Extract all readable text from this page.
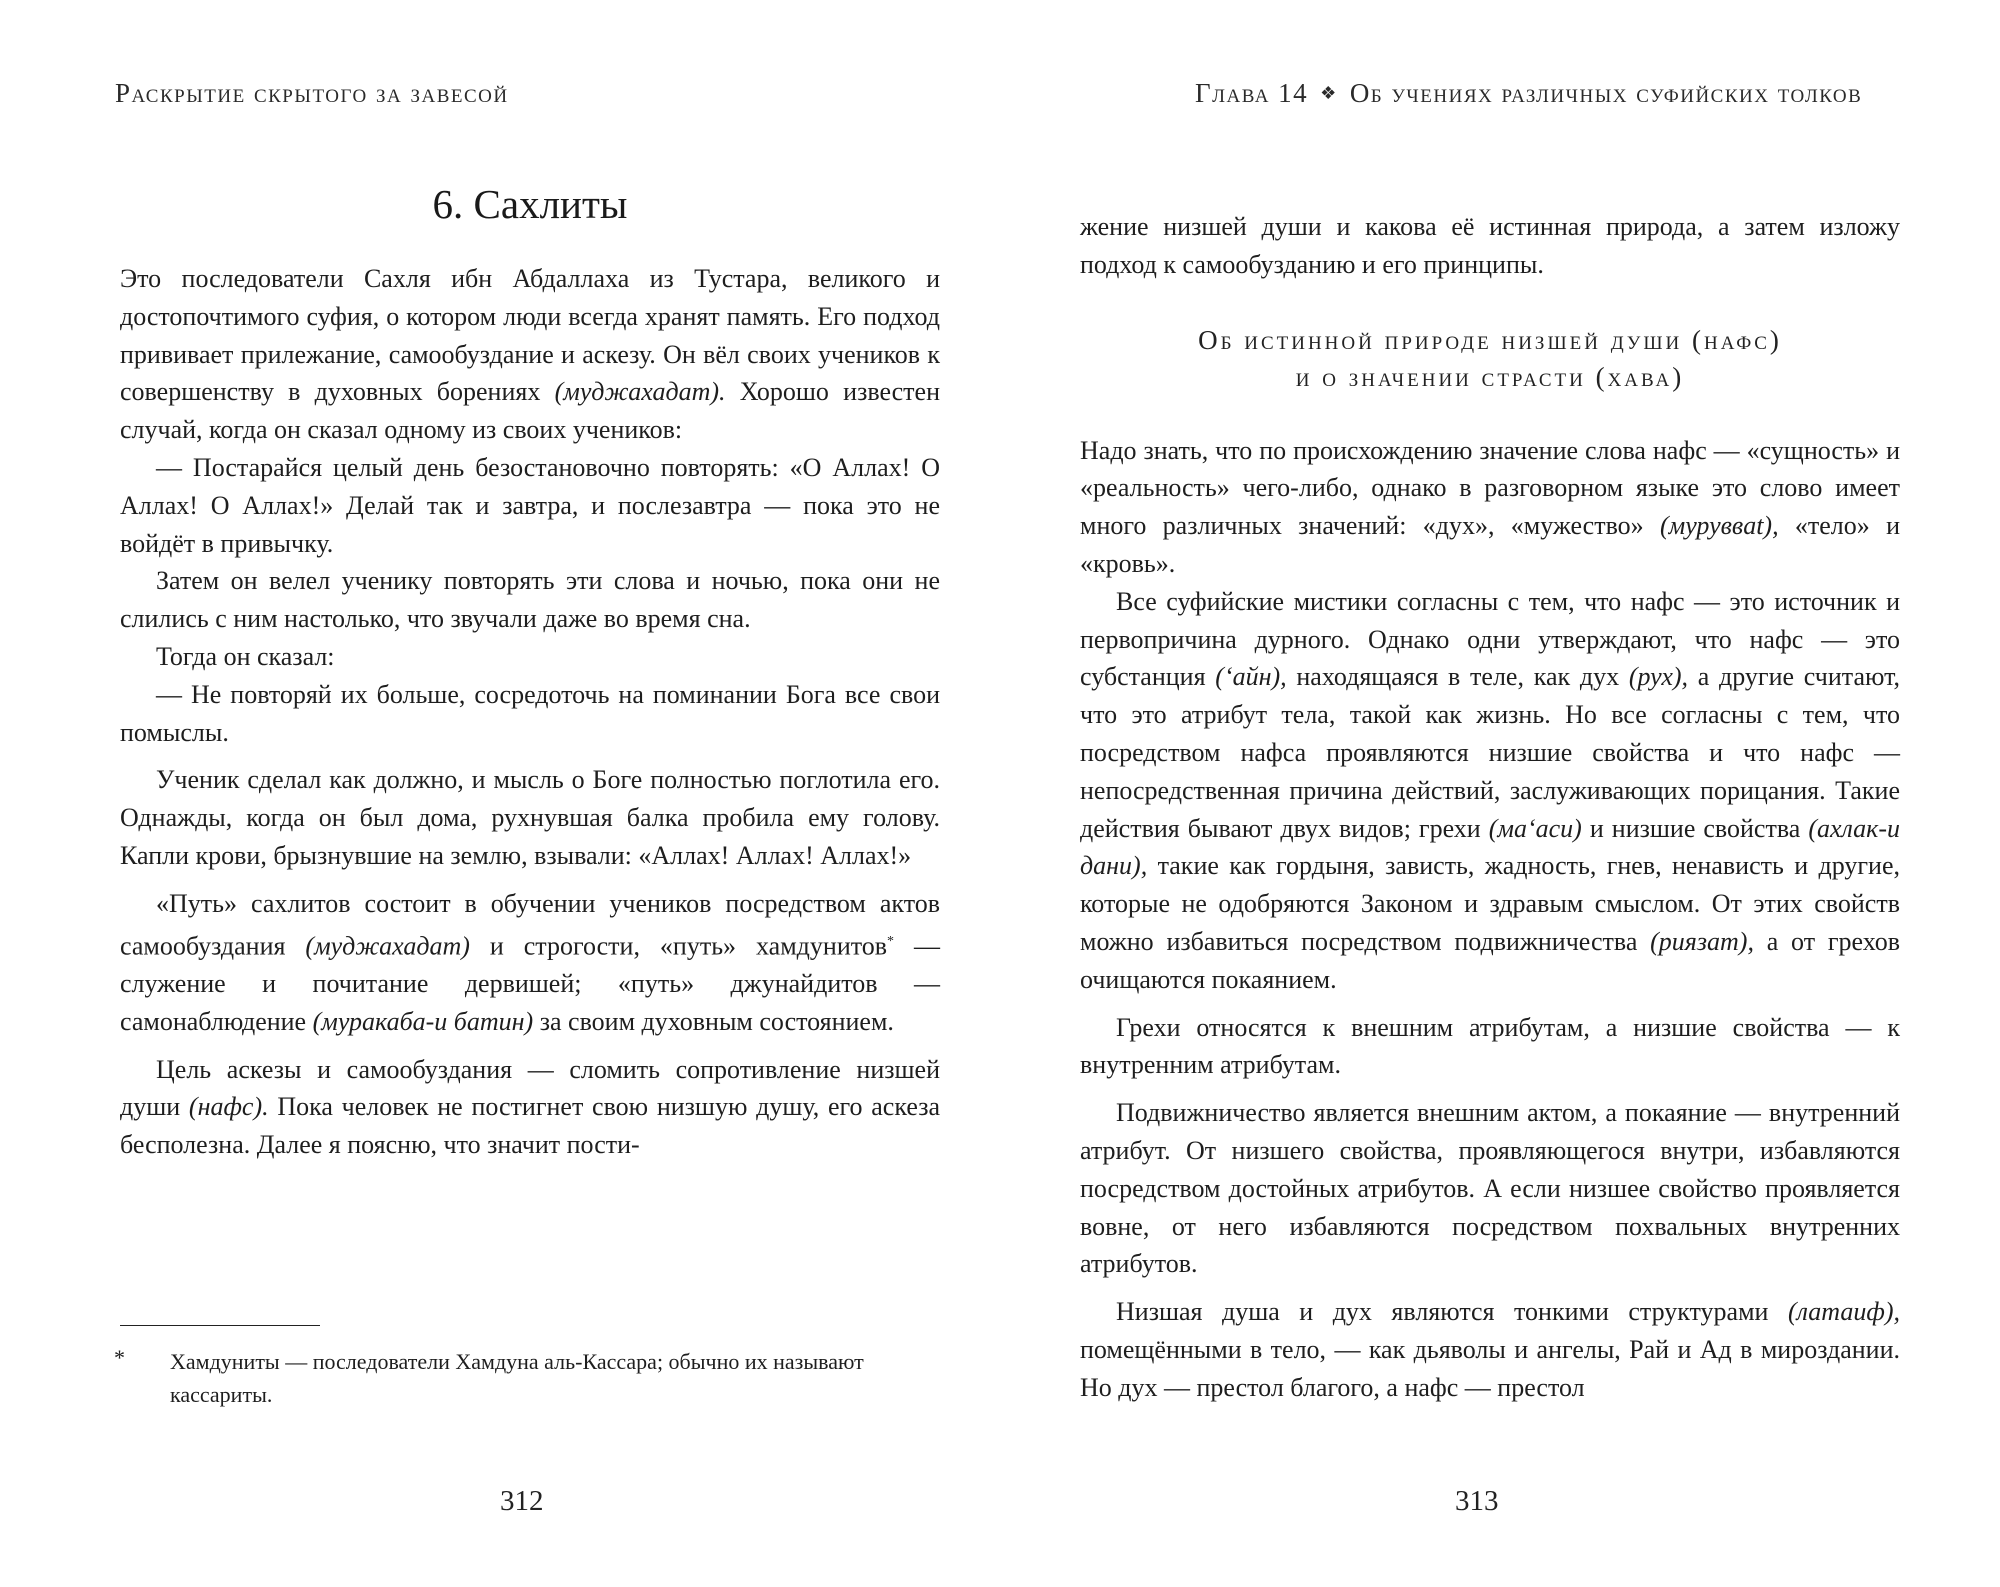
Раскрытие скрытого за завесой
6. Сахлиты

Это последователи Сахля ибн Абдаллаха из Тустара, великого и достопочтимого суфия, о котором люди всегда хранят память. Его подход прививает прилежание, самообуздание и аскезу. Он вёл своих учеников к совершенству в духовных борениях (муджахадат). Хорошо известен случай, когда он сказал одному из своих учеников:

— Постарайся целый день безостановочно повторять: «О Аллах! О Аллах! О Аллах!» Делай так и завтра, и послезавтра — пока это не войдёт в привычку.

Затем он велел ученику повторять эти слова и ночью, пока они не слились с ним настолько, что звучали даже во время сна.

Тогда он сказал:

— Не повторяй их больше, сосредоточь на поминании Бога все свои помыслы.

Ученик сделал как должно, и мысль о Боге полностью поглотила его. Однажды, когда он был дома, рухнувшая балка пробила ему голову. Капли крови, брызнувшие на землю, взывали: «Аллах! Аллах! Аллах!»

«Путь» сахлитов состоит в обучении учеников посредством актов самообуздания (муджахадат) и строгости, «путь» хамдунитов* — служение и почитание дервишей; «путь» джунайдитов — самонаблюдение (муракаба-и батин) за своим духовным состоянием.

Цель аскезы и самообуздания — сломить сопротивление низшей души (нафс). Пока человек не постигнет свою низшую душу, его аскеза бесполезна. Далее я поясню, что значит пости-

*	Хамдуниты — последователи Хамдуна аль-Кассара; обычно их называют кассариты.
312
Глава 14 ❖ Об учениях различных суфийских толков

жение низшей души и какова её истинная природа, а затем изложу подход к самообузданию и его принципы.

Об истинной природе низшей души (нафс)
и о значении страсти (хава)

Надо знать, что по происхождению значение слова нафс — «сущность» и «реальность» чего-либо, однако в разговорном языке это слово имеет много различных значений: «дух», «мужество» (муруввat), «тело» и «кровь».

Все суфийские мистики согласны с тем, что нафс — это источник и первопричина дурного. Однако одни утверждают, что нафс — это субстанция (ʻайн), находящаяся в теле, как дух (рух), а другие считают, что это атрибут тела, такой как жизнь. Но все согласны с тем, что посредством нафса проявляются низшие свойства и что нафс — непосредственная причина действий, заслуживающих порицания. Такие действия бывают двух видов; грехи (маʻаси) и низшие свойства (ахлак-и дани), такие как гордыня, зависть, жадность, гнев, ненависть и другие, которые не одобряются Законом и здравым смыслом. От этих свойств можно избавиться посредством подвижничества (риязат), а от грехов очищаются покаянием.

Грехи относятся к внешним атрибутам, а низшие свойства — к внутренним атрибутам.

Подвижничество является внешним актом, а покаяние — внутренний атрибут. От низшего свойства, проявляющегося внутри, избавляются посредством достойных атрибутов. А если низшее свойство проявляется вовне, от него избавляются посредством похвальных внутренних атрибутов.

Низшая душа и дух являются тонкими структурами (латаиф), помещёнными в тело, — как дьяволы и ангелы, Рай и Ад в мироздании. Но дух — престол благого, а нафс — престол

313
